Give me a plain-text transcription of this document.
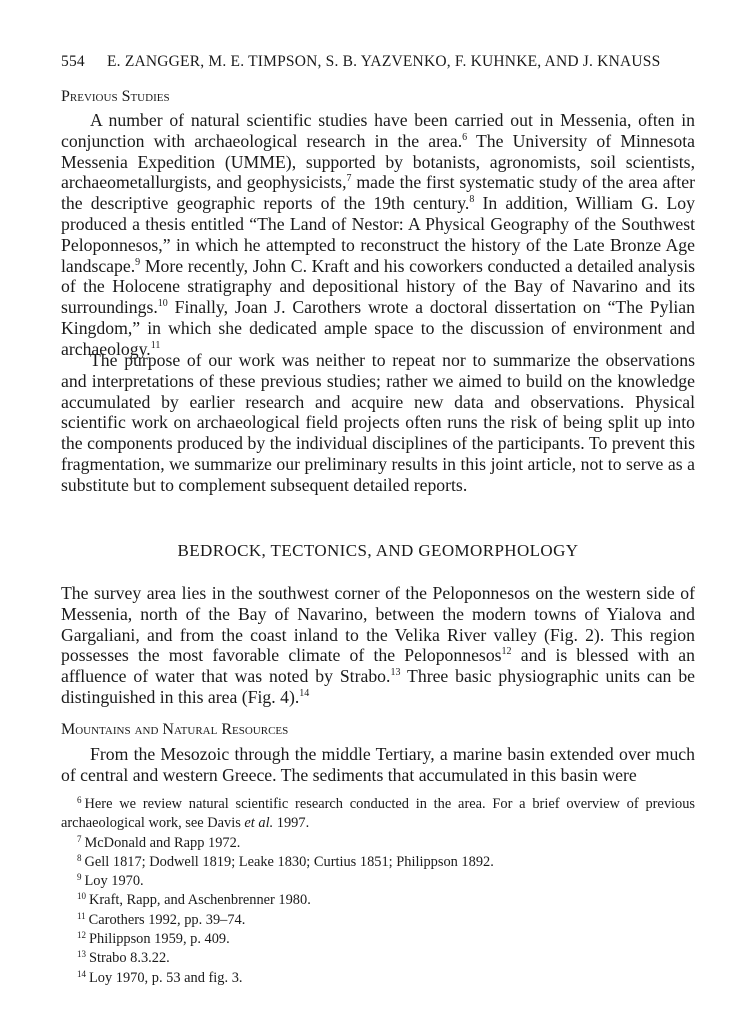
554 E. ZANGGER, M. E. TIMPSON, S. B. YAZVENKO, F. KUHNKE, AND J. KNAUSS
Previous Studies

A number of natural scientific studies have been carried out in Messenia, often in conjunction with archaeological research in the area.$^6$ The University of Minnesota Messenia Expedition (UMME), supported by botanists, agronomists, soil scientists, archaeometallurgists, and geophysicists,$^7$ made the first systematic study of the area after the descriptive geographic reports of the 19th century.$^8$ In addition, William G. Loy produced a thesis entitled “The Land of Nestor: A Physical Geography of the Southwest Peloponnesos,” in which he attempted to reconstruct the history of the Late Bronze Age landscape.$^9$ More recently, John C. Kraft and his coworkers conducted a detailed analysis of the Holocene stratigraphy and depositional history of the Bay of Navarino and its surroundings.$^{10}$ Finally, Joan J. Carothers wrote a doctoral dissertation on “The Pylian Kingdom,” in which she dedicated ample space to the discussion of environment and archaeology.$^{11}$

The purpose of our work was neither to repeat nor to summarize the observations and interpretations of these previous studies; rather we aimed to build on the knowledge accumulated by earlier research and acquire new data and observations. Physical scientific work on archaeological field projects often runs the risk of being split up into the components produced by the individual disciplines of the participants. To prevent this fragmentation, we summarize our preliminary results in this joint article, not to serve as a substitute but to complement subsequent detailed reports.

BEDROCK, TECTONICS, AND GEOMORPHOLOGY

The survey area lies in the southwest corner of the Peloponnesos on the western side of Messenia, north of the Bay of Navarino, between the modern towns of Yialova and Gargaliani, and from the coast inland to the Velika River valley (Fig. 2). This region possesses the most favorable climate of the Peloponnesos$^{12}$ and is blessed with an affluence of water that was noted by Strabo.$^{13}$ Three basic physiographic units can be distinguished in this area (Fig. 4).$^{14}$

Mountains and Natural Resources

From the Mesozoic through the middle Tertiary, a marine basin extended over much of central and western Greece. The sediments that accumulated in this basin were

$^6$ Here we review natural scientific research conducted in the area. For a brief overview of previous archaeological work, see Davis et al. 1997.
$^7$ McDonald and Rapp 1972.
$^8$ Gell 1817; Dodwell 1819; Leake 1830; Curtius 1851; Philippson 1892.
$^9$ Loy 1970.
$^{10}$ Kraft, Rapp, and Aschenbrenner 1980.
$^{11}$ Carothers 1992, pp. 39–74.
$^{12}$ Philippson 1959, p. 409.
$^{13}$ Strabo 8.3.22.
$^{14}$ Loy 1970, p. 53 and fig. 3.
